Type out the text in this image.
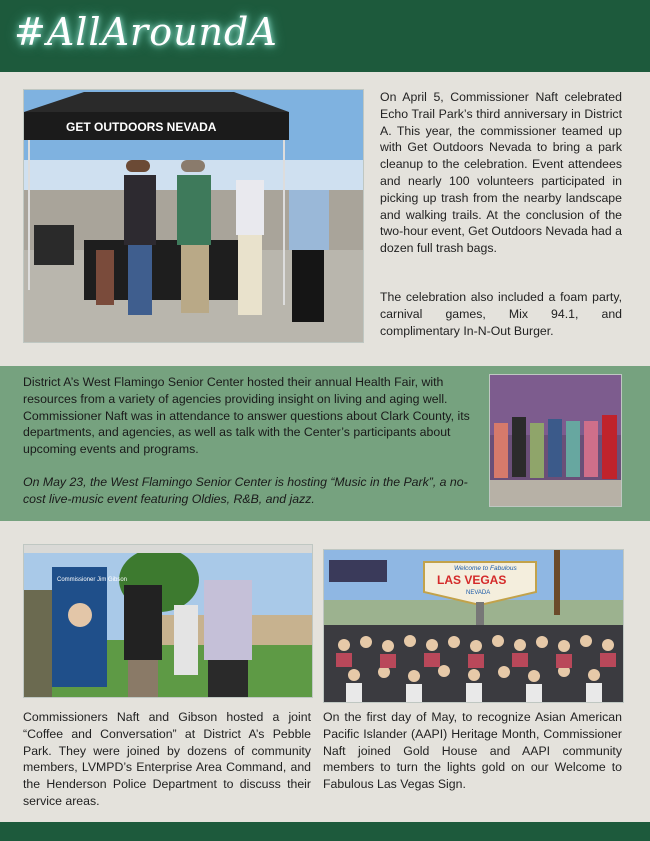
#AllAroundA
GET OUTDOORS NEVADA
On April 5, Commissioner Naft celebrated Echo Trail Park’s third anniversary in District A. This year, the commissioner teamed up with Get Outdoors Nevada to bring a park cleanup to the celebration. Event attendees and nearly 100 volunteers participated in picking up trash from the nearby landscape and walking trails. At the conclusion of the two-hour event, Get Outdoors Nevada had a dozen full trash bags.
The celebration also included a foam party, carnival games, Mix 94.1, and complimentary In-N-Out Burger.
District A’s West Flamingo Senior Center hosted their annual Health Fair, with resources from a variety of agencies providing insight on living and aging well. Commissioner Naft was in attendance to answer questions about Clark County, its departments, and agencies, as well as talk with the Center’s participants about upcoming events and programs.
On May 23, the West Flamingo Senior Center is hosting “Music in the Park”, a no-cost live-music event featuring Oldies, R&B, and jazz.
Commissioner Jim Gibson
Commissioners Naft and Gibson hosted a joint “Coffee and Conversation” at District A’s Pebble Park. They were joined by dozens of community members, LVMPD’s Enterprise Area Command, and the Henderson Police Department to discuss their service areas.
Welcome to Fabulous
LAS VEGAS
NEVADA
On the first day of May, to recognize Asian American Pacific Islander (AAPI) Heritage Month, Commissioner Naft joined Gold House and AAPI community members to turn the lights gold on our Welcome to Fabulous Las Vegas Sign.
